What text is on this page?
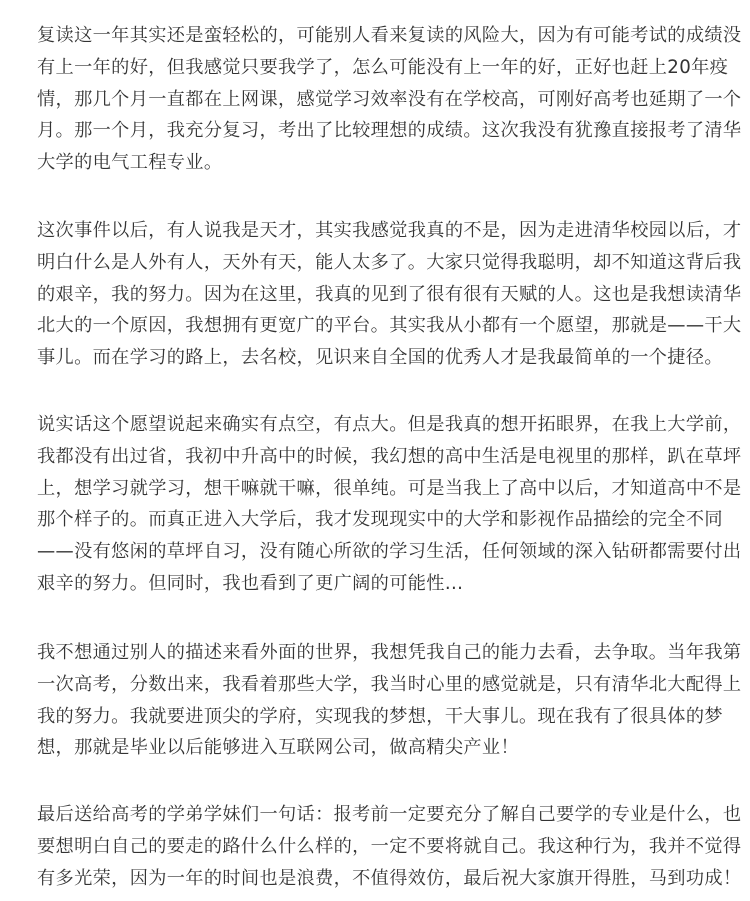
复读这一年其实还是蛮轻松的，可能别人看来复读的风险大，因为有可能考试的成绩没
有上一年的好，但我感觉只要我学了，怎么可能没有上一年的好，正好也赶上20年疫
情，那几个月一直都在上网课，感觉学习效率没有在学校高，可刚好高考也延期了一个
月。那一个月，我充分复习，考出了比较理想的成绩。这次我没有犹豫直接报考了清华
大学的电气工程专业。

这次事件以后，有人说我是天才，其实我感觉我真的不是，因为走进清华校园以后，才
明白什么是人外有人，天外有天，能人太多了。大家只觉得我聪明，却不知道这背后我
的艰辛，我的努力。因为在这里，我真的见到了很有很有天赋的人。这也是我想读清华
北大的一个原因，我想拥有更宽广的平台。其实我从小都有一个愿望，那就是——干大
事儿。而在学习的路上，去名校，见识来自全国的优秀人才是我最简单的一个捷径。

说实话这个愿望说起来确实有点空，有点大。但是我真的想开拓眼界，在我上大学前，
我都没有出过省，我初中升高中的时候，我幻想的高中生活是电视里的那样，趴在草坪
上，想学习就学习，想干嘛就干嘛，很单纯。可是当我上了高中以后，才知道高中不是
那个样子的。而真正进入大学后，我才发现现实中的大学和影视作品描绘的完全不同
——没有悠闲的草坪自习，没有随心所欲的学习生活，任何领域的深入钻研都需要付出
艰辛的努力。但同时，我也看到了更广阔的可能性...

我不想通过别人的描述来看外面的世界，我想凭我自己的能力去看，去争取。当年我第
一次高考，分数出来，我看着那些大学，我当时心里的感觉就是，只有清华北大配得上
我的努力。我就要进顶尖的学府，实现我的梦想，干大事儿。现在我有了很具体的梦
想，那就是毕业以后能够进入互联网公司，做高精尖产业！

最后送给高考的学弟学妹们一句话：报考前一定要充分了解自己要学的专业是什么，也
要想明白自己的要走的路什么什么样的，一定不要将就自己。我这种行为，我并不觉得
有多光荣，因为一年的时间也是浪费，不值得效仿，最后祝大家旗开得胜，马到功成！
